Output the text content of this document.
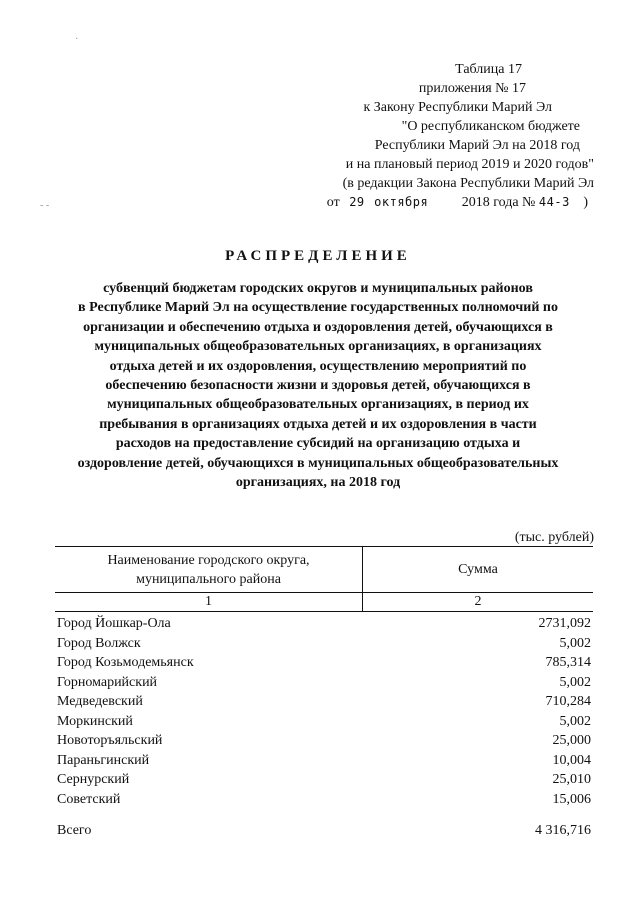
·
- -
Таблица 17
приложения № 17
к Закону Республики Марий Эл
"О республиканском бюджете
Республики Марий Эл на 2018 год
и на плановый период 2019 и 2020 годов"
(в редакции Закона Республики Марий Эл
от 29 октября 2018 года № 44-З )
РАСПРЕДЕЛЕНИЕ
субвенций бюджетам городских округов и муниципальных районов
в Республике Марий Эл на осуществление государственных полномочий по
организации и обеспечению отдыха и оздоровления детей, обучающихся в
муниципальных общеобразовательных организациях, в организациях
отдыха детей и их оздоровления, осуществлению мероприятий по
обеспечению безопасности жизни и здоровья детей, обучающихся в
муниципальных общеобразовательных организациях, в период их
пребывания в организациях отдыха детей и их оздоровления в части
расходов на предоставление субсидий на организацию отдыха и
оздоровление детей, обучающихся в муниципальных общеобразовательных
организациях, на 2018 год
(тыс. рублей)
Наименование городского округа,
муниципального района
Сумма
1	2
Город Йошкар-Ола	2731,092
Город Волжск	5,002
Город Козьмодемьянск	785,314
Горномарийский	5,002
Медведевский	710,284
Моркинский	5,002
Новоторъяльский	25,000
Параньгинский	10,004
Сернурский	25,010
Советский	15,006
Всего	4 316,716
